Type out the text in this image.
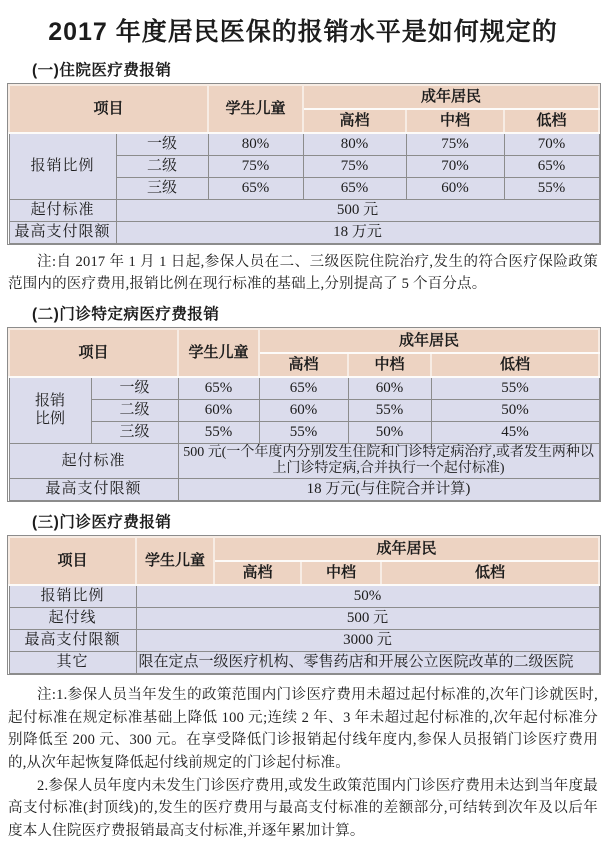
2017 年度居民医保的报销水平是如何规定的
(一)住院医疗费报销
项目		学生儿童	成年居民		
			高档	中档	低档
报销比例	一级	80%	80%	75%	70%
	二级	75%	75%	70%	65%
	三级	65%	65%	60%	55%
起付标准	500 元				
最高支付限额	18 万元				

注:自 2017 年 1 月 1 日起,参保人员在二、三级医院住院治疗,发生的符合医疗保险政策范围内的医疗费用,报销比例在现行标准的基础上,分别提高了 5 个百分点。

(二)门诊特定病医疗费报销
项目		学生儿童	成年居民		
			高档	中档	低档
报销比例	一级	65%	65%	60%	55%
	二级	60%	60%	55%	50%
	三级	55%	55%	50%	45%
起付标准		500 元(一个年度内分别发生住院和门诊特定病治疗,或者发生两种以上门诊特定病,合并执行一个起付标准)			
最高支付限额		18 万元(与住院合并计算)			
(三)门诊医疗费报销
项目	学生儿童	成年居民		
		高档	中档	低档
报销比例	50%			
起付线	500 元			
最高支付限额	3000 元			
其它	限在定点一级医疗机构、零售药店和开展公立医院改革的二级医院			

注:1.参保人员当年发生的政策范围内门诊医疗费用未超过起付标准的,次年门诊就医时,起付标准在规定标准基础上降低 100 元;连续 2 年、3 年未超过起付标准的,次年起付标准分别降低至 200 元、300 元。在享受降低门诊报销起付线年度内,参保人员报销门诊医疗费用的,从次年起恢复降低起付线前规定的门诊起付标准。

2.参保人员年度内未发生门诊医疗费用,或发生政策范围内门诊医疗费用未达到当年度最高支付标准(封顶线)的,发生的医疗费用与最高支付标准的差额部分,可结转到次年及以后年度本人住院医疗费报销最高支付标准,并逐年累加计算。
